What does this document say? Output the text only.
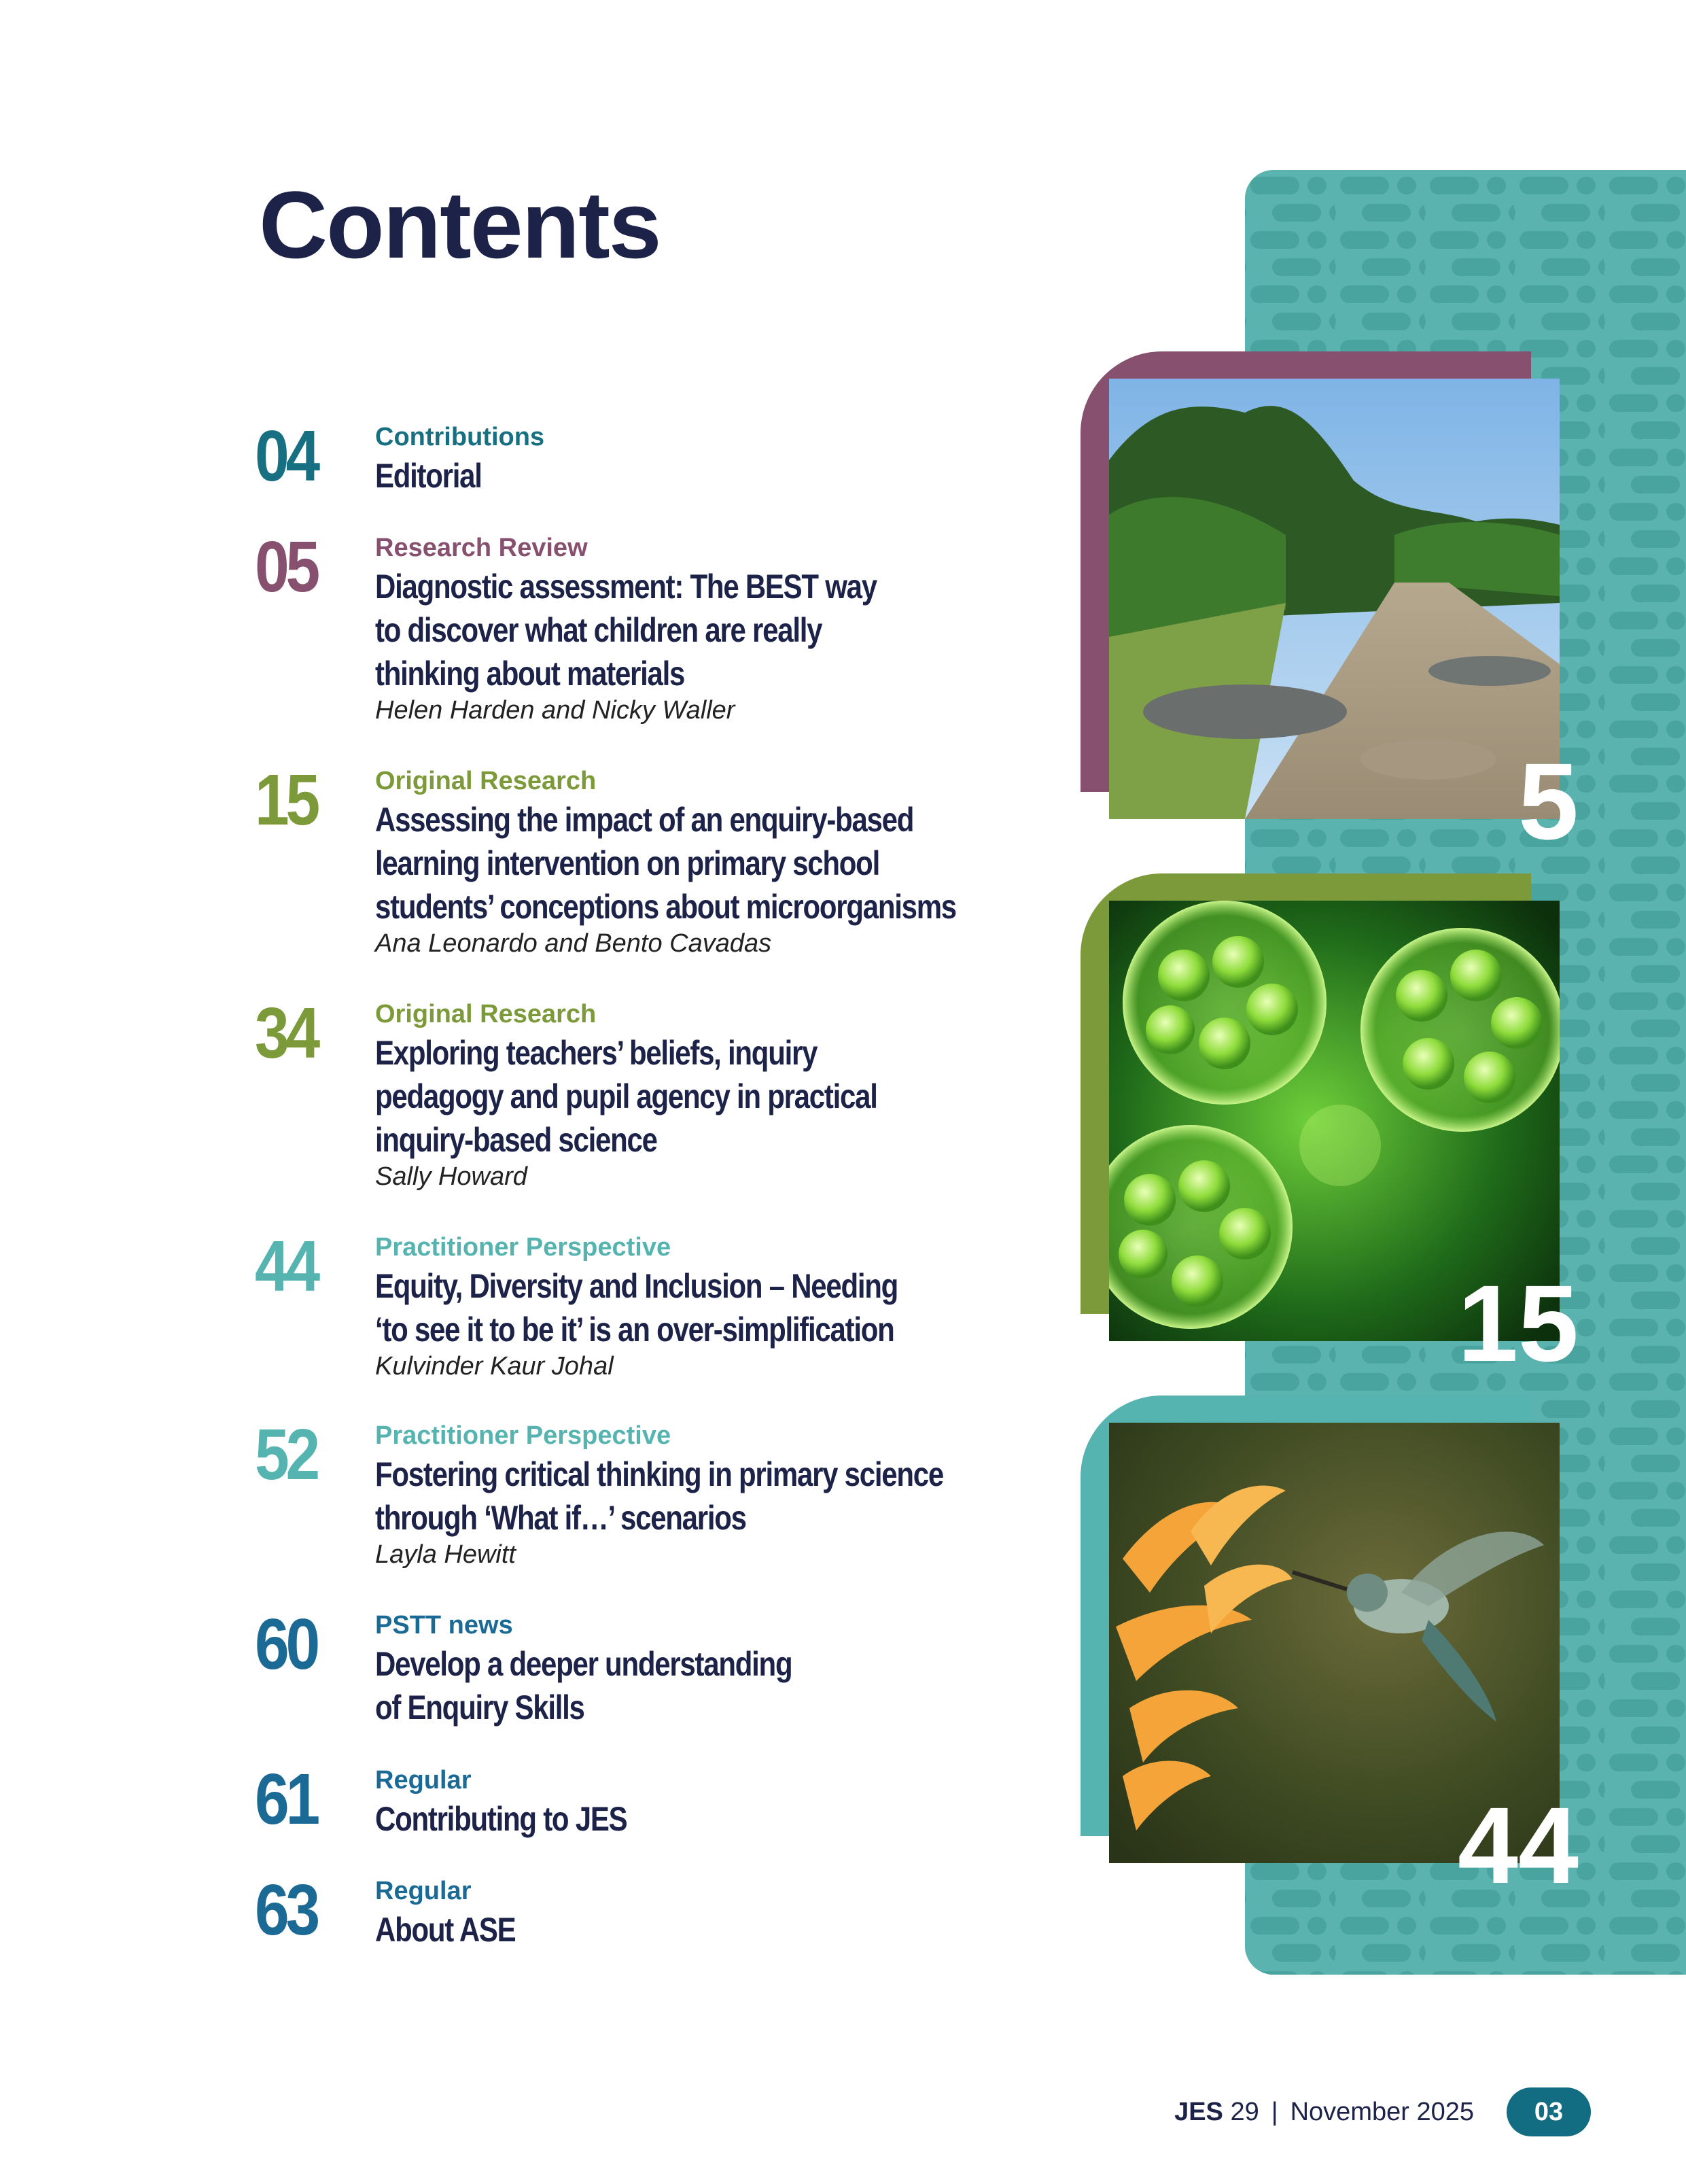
Contents
04 Contributions
Editorial
05 Research Review
Diagnostic assessment: The BEST way
to discover what children are really
thinking about materials
Helen Harden and Nicky Waller
15 Original Research
Assessing the impact of an enquiry-based
learning intervention on primary school
students’ conceptions about microorganisms
Ana Leonardo and Bento Cavadas
34 Original Research
Exploring teachers’ beliefs, inquiry
pedagogy and pupil agency in practical
inquiry-based science
Sally Howard
44 Practitioner Perspective
Equity, Diversity and Inclusion – Needing
‘to see it to be it’ is an over-simplification
Kulvinder Kaur Johal
52 Practitioner Perspective
Fostering critical thinking in primary science
through ‘What if…’ scenarios
Layla Hewitt
60 PSTT news
Develop a deeper understanding
of Enquiry Skills
61 Regular
Contributing to JES
63 Regular
About ASE
5
15
44
JES 29 | November 2025	03
